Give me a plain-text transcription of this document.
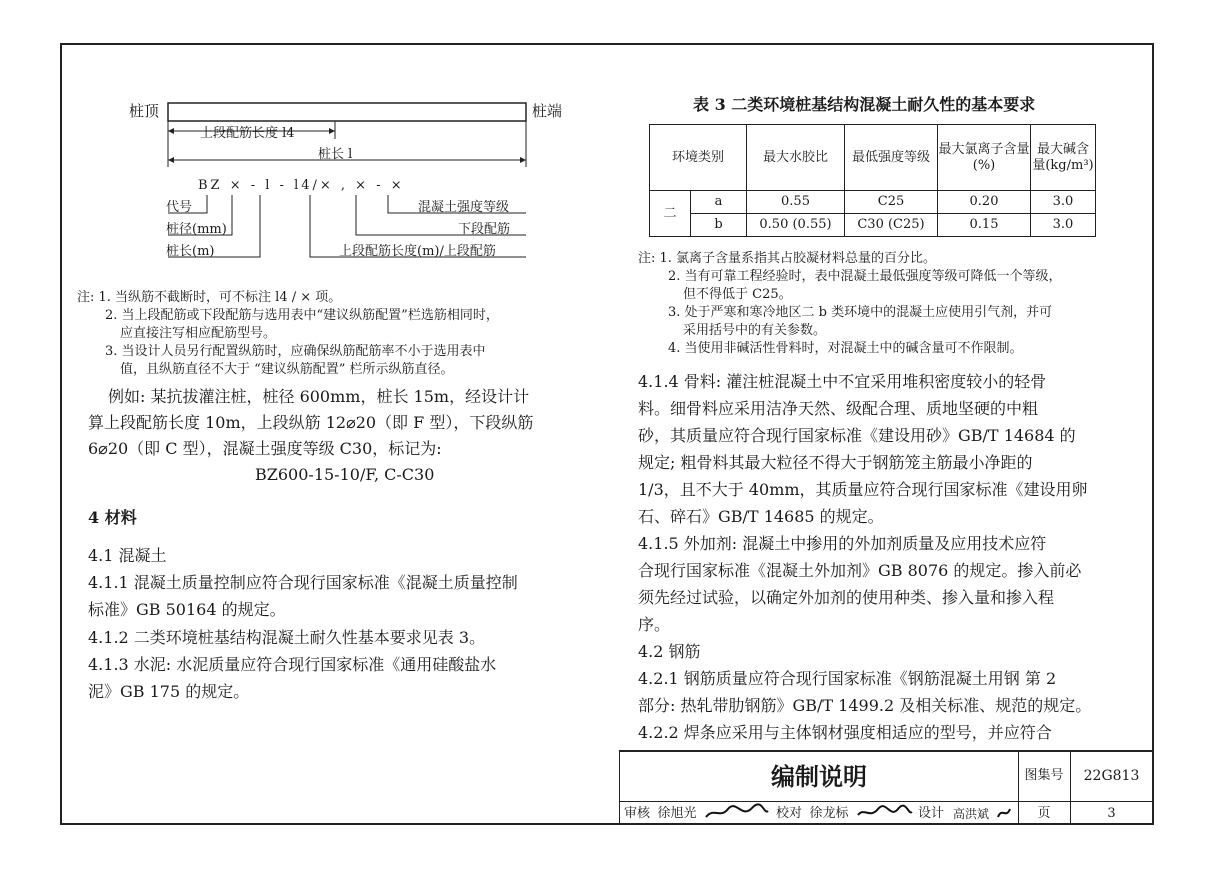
桩顶	桩端
上段配筋长度 l4
桩长 l
BZ × - l - l4/× , × - ×
代号
桩径(mm)
桩长(m)
混凝土强度等级
下段配筋
上段配筋长度(m)/上段配筋
注: 1. 当纵筋不截断时，可不标注 l4 / × 项。
2. 当上段配筋或下段配筋与选用表中“建议纵筋配置”栏选筋相同时，
应直接注写相应配筋型号。
3. 当设计人员另行配置纵筋时，应确保纵筋配筋率不小于选用表中
值，且纵筋直径不大于 “建议纵筋配置” 栏所示纵筋直径。
例如: 某抗拔灌注桩，桩径 600mm，桩长 15m，经设计计
算上段配筋长度 10m，上段纵筋 12⌀20（即 F 型），下段纵筋
6⌀20（即 C 型），混凝土强度等级 C30，标记为:
BZ600-15-10/F, C-C30
4 材料
4.1 混凝土
4.1.1 混凝土质量控制应符合现行国家标准《混凝土质量控制
标准》GB 50164 的规定。
4.1.2 二类环境桩基结构混凝土耐久性基本要求见表 3。
4.1.3 水泥: 水泥质量应符合现行国家标准《通用硅酸盐水
泥》GB 175 的规定。
表 3 二类环境桩基结构混凝土耐久性的基本要求
环境类别		最大水胶比	最低强度等级	最大氯离子含量(%)	最大碱含量(kg/m³)
二	a	0.55	C25	0.20	3.0
	b	0.50 (0.55)	C30 (C25)	0.15	3.0
注: 1. 氯离子含量系指其占胶凝材料总量的百分比。
2. 当有可靠工程经验时，表中混凝土最低强度等级可降低一个等级，
但不得低于 C25。
3. 处于严寒和寒冷地区二 b 类环境中的混凝土应使用引气剂，并可
采用括号中的有关参数。
4. 当使用非碱活性骨料时，对混凝土中的碱含量可不作限制。
4.1.4 骨料: 灌注桩混凝土中不宜采用堆积密度较小的轻骨
料。细骨料应采用洁净天然、级配合理、质地坚硬的中粗
砂，其质量应符合现行国家标准《建设用砂》GB/T 14684 的
规定; 粗骨料其最大粒径不得大于钢筋笼主筋最小净距的
1/3，且不大于 40mm，其质量应符合现行国家标准《建设用卵
石、碎石》GB/T 14685 的规定。
4.1.5 外加剂: 混凝土中掺用的外加剂质量及应用技术应符
合现行国家标准《混凝土外加剂》GB 8076 的规定。掺入前必
须先经过试验，以确定外加剂的使用种类、掺入量和掺入程
序。
4.2 钢筋
4.2.1 钢筋质量应符合现行国家标准《钢筋混凝土用钢 第 2
部分: 热轧带肋钢筋》GB/T 1499.2 及相关标准、规范的规定。
4.2.2 焊条应采用与主体钢材强度相适应的型号，并应符合
编制说明	图集号	22G813
页	3
审核 徐旭光	校对 徐龙标	设计 高洪斌
